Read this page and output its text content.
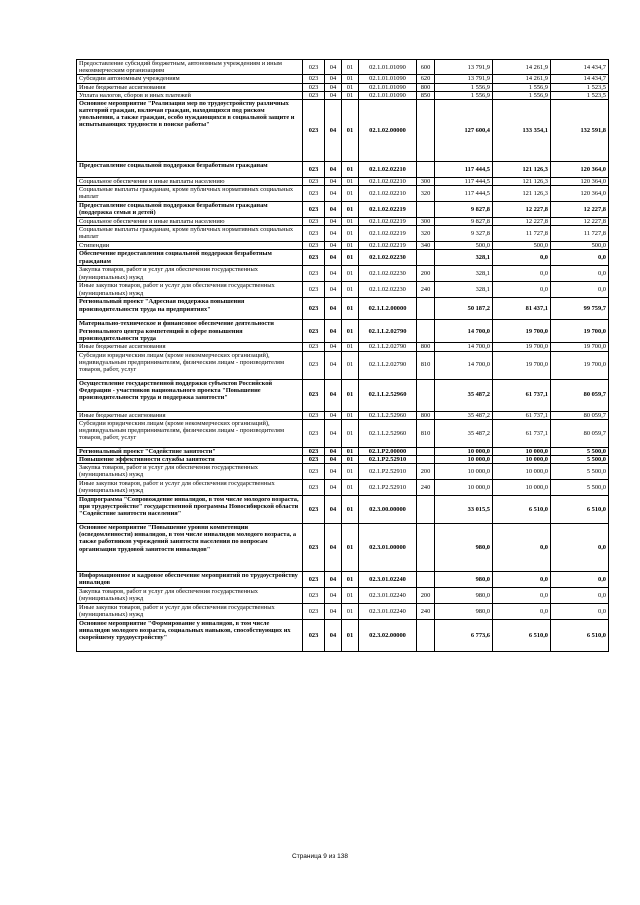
Предоставление субсидий бюджетным, автономным учреждениям и иным некоммерческим организациям	023	04	01	02.1.01.01090	600	13 791,9	14 261,9	14 434,7
Субсидии автономным учреждениям	023	04	01	02.1.01.01090	620	13 791,9	14 261,9	14 434,7
Иные бюджетные ассигнования	023	04	01	02.1.01.01090	800	1 556,9	1 556,9	1 523,5
Уплата налогов, сборов и иных платежей	023	04	01	02.1.01.01090	850	1 556,9	1 556,9	1 523,5
Основное мероприятие "Реализация мер по трудоустройству различных категорий граждан, включая граждан, находящихся под риском увольнения, а также граждан, особо нуждающихся в социальной защите и испытывающих трудности в поиске работы"	023	04	01	02.1.02.00000		127 600,4	133 354,1	132 591,8
Предоставление социальной поддержки безработным гражданам	023	04	01	02.1.02.02210		117 444,5	121 126,3	120 364,0
Социальное обеспечение и иные выплаты населению	023	04	01	02.1.02.02210	300	117 444,5	121 126,3	120 364,0
Социальные выплаты гражданам, кроме публичных нормативных социальных выплат	023	04	01	02.1.02.02210	320	117 444,5	121 126,3	120 364,0
Предоставление социальной поддержки безработным гражданам (поддержка семьи и детей)	023	04	01	02.1.02.02219		9 827,8	12 227,8	12 227,8
Социальное обеспечение и иные выплаты населению	023	04	01	02.1.02.02219	300	9 827,8	12 227,8	12 227,8
Социальные выплаты гражданам, кроме публичных нормативных социальных выплат	023	04	01	02.1.02.02219	320	9 327,8	11 727,8	11 727,8
Стипендии	023	04	01	02.1.02.02219	340	500,0	500,0	500,0
Обеспечение предоставления социальной поддержки безработным гражданам	023	04	01	02.1.02.02230		328,1	0,0	0,0
Закупка товаров, работ и услуг для обеспечения государственных (муниципальных) нужд	023	04	01	02.1.02.02230	200	328,1	0,0	0,0
Иные закупки товаров, работ и услуг для обеспечения государственных (муниципальных) нужд	023	04	01	02.1.02.02230	240	328,1	0,0	0,0
Региональный проект "Адресная поддержка повышения производительности труда на предприятиях"	023	04	01	02.1.L2.00000		50 187,2	81 437,1	99 759,7
Материально-техническое и финансовое обеспечение деятельности Регионального центра компетенций в сфере повышения производительности труда	023	04	01	02.1.L2.02790		14 700,0	19 700,0	19 700,0
Иные бюджетные ассигнования	023	04	01	02.1.L2.02790	800	14 700,0	19 700,0	19 700,0
Субсидии юридическим лицам (кроме некоммерческих организаций), индивидуальным предпринимателям, физическим лицам - производителям товаров, работ, услуг	023	04	01	02.1.L2.02790	810	14 700,0	19 700,0	19 700,0
Осуществление государственной поддержки субъектов Российской Федерации - участников национального проекта "Повышение производительности труда и поддержка занятости"	023	04	01	02.1.L2.52960		35 487,2	61 737,1	80 059,7
Иные бюджетные ассигнования	023	04	01	02.1.L2.52960	800	35 487,2	61 737,1	80 059,7
Субсидии юридическим лицам (кроме некоммерческих организаций), индивидуальным предпринимателям, физическим лицам - производителям товаров, работ, услуг	023	04	01	02.1.L2.52960	810	35 487,2	61 737,1	80 059,7
Региональный проект "Содействие занятости"	023	04	01	02.1.P2.00000		10 000,0	10 000,0	5 500,0
Повышение эффективности службы занятости	023	04	01	02.1.P2.52910		10 000,0	10 000,0	5 500,0
Закупка товаров, работ и услуг для обеспечения государственных (муниципальных) нужд	023	04	01	02.1.P2.52910	200	10 000,0	10 000,0	5 500,0
Иные закупки товаров, работ и услуг для обеспечения государственных (муниципальных) нужд	023	04	01	02.1.P2.52910	240	10 000,0	10 000,0	5 500,0
Подпрограмма "Сопровождение инвалидов, в том числе молодого возраста, при трудоустройстве" государственной программы Новосибирской области "Содействие занятости населения"	023	04	01	02.3.00.00000		33 015,5	6 510,0	6 510,0
Основное мероприятие "Повышение уровня компетенции (осведомленности) инвалидов, в том числе инвалидов молодого возраста, а также работников учреждений занятости населения по вопросам организации трудовой занятости инвалидов"	023	04	01	02.3.01.00000		980,0	0,0	0,0
Информационное и кадровое обеспечение мероприятий по трудоустройству инвалидов	023	04	01	02.3.01.02240		980,0	0,0	0,0
Закупка товаров, работ и услуг для обеспечения государственных (муниципальных) нужд	023	04	01	02.3.01.02240	200	980,0	0,0	0,0
Иные закупки товаров, работ и услуг для обеспечения государственных (муниципальных) нужд	023	04	01	02.3.01.02240	240	980,0	0,0	0,0
Основное мероприятие "Формирование у инвалидов, в том числе инвалидов молодого возраста, социальных навыков, способствующих их скорейшему трудоустройству"	023	04	01	02.3.02.00000		6 773,6	6 510,0	6 510,0
Страница 9 из 138
